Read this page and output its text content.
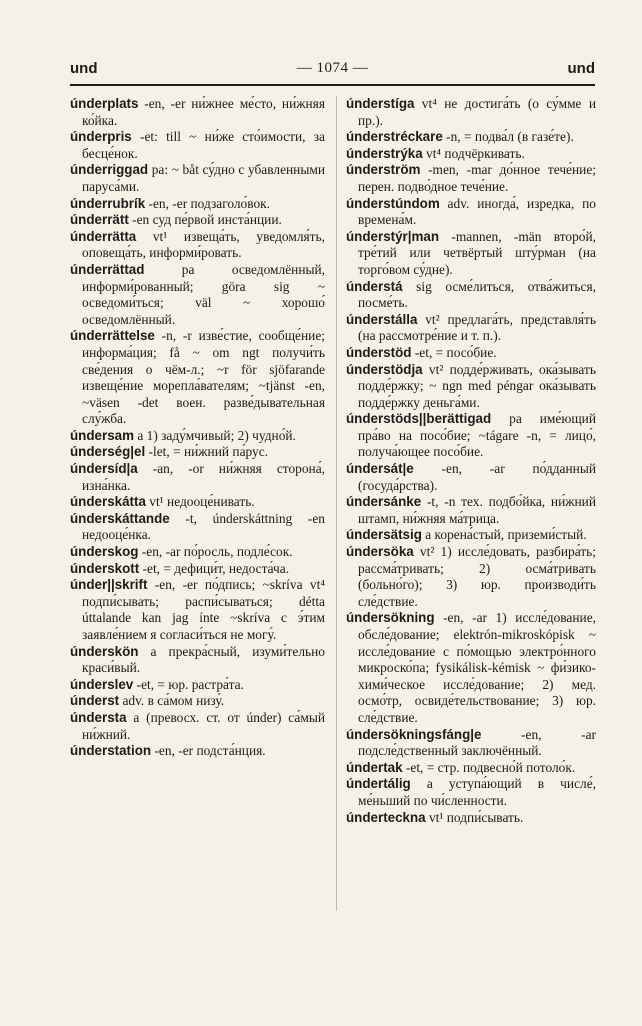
und	— 1074 —	und

únderplats -en, -er ни́жнее ме́сто, ни́жняя ко́йка.

únderpris -et: till ~ ни́же сто́имости, за бесце́нок.

únderriggad pa: ~ båt су́дно с убавленными паруса́ми.

únderrubrík -en, -er подзаголо́вок.

únderrätt -en суд пе́рвой инста́нции.

únderrätta vt¹ извеща́ть, уведомля́ть, оповеща́ть, информи́ровать.

únderrättad pa осведомлённый, информи́рованный; göra sig ~ осведоми́ться; väl ~ хорошо́ осведомлённый.

únderrättelse -n, -r изве́стие, сообще́ние; информа́ция; få ~ om ngt получи́ть све́дения о чём-л.; ~r för sjöfarande извеще́ние морепла́вателям; ~tjänst -en, ~väsen -det воен. разве́дывательная слу́жба.

úndersam a 1) заду́мчивый; 2) чудно́й.

únderség|el -let, = ни́жний па́рус.

úndersíd|a -an, -or ни́жняя сторона́, изна́нка.

únderskátta vt¹ недооце́нивать.

únderskáttande -t, únderskáttning -en недооце́нка.

únderskog -en, -ar по́росль, подле́сок.

únderskott -et, = дефици́т, недоста́ча.

únder||skrift -en, -er по́дпись; ~skríva vt⁴ подпи́сывать; распи́сываться; détta úttalande kan jag ínte ~skríva с э́тим заявле́нием я согласи́ться не могу́.

únderskön a прекра́сный, изуми́тельно краси́вый.

únderslev -et, = юр. растра́та.

únderst adv. в са́мом низу́.

úndersta a (превосх. ст. от únder) са́мый ни́жний.

únderstation -en, -er подста́нция.

únderstíga vt⁴ не достига́ть (о су́мме и пр.).

únderstréckare -n, = подва́л (в газе́те).

únderstrýka vt⁴ подчёркивать.

únderström -men, -mar до́нное тече́ние; перен. подво́дное тече́ние.

únderstúndom adv. иногда́, изредка, по времена́м.

únderstýr|man -mannen, -män второ́й, тре́тий или четвёртый шту́рман (на торго́вом су́дне).

únderstá sig осме́литься, отва́житься, посме́ть.

únderstálla vt² предлага́ть, представля́ть (на рассмотре́ние и т. п.).

únderstöd -et, = посо́бие.

únderstödja vt² подде́рживать, ока́зывать подде́ржку; ~ ngn med péngar ока́зывать подде́ржку деньга́ми.

únderstöds||berättigad pa име́ющий пра́во на посо́бие; ~tágare -n, = лицо́, получа́ющее посо́бие.

úndersát|e -en, -ar по́дданный (госуда́рства).

úndersánke -t, -n тех. подбо́йка, ни́жний штамп, ни́жняя ма́трица.

úndersätsig a корена́стый, приземи́стый.

úndersöka vt² 1) иссле́довать, разбира́ть; рассма́тривать; 2) осма́тривать (больно́го); 3) юр. производи́ть сле́дствие.

úndersökning -en, -ar 1) иссле́дование, обсле́дование; elektrón-mikroskópisk ~ иссле́дование с по́мощью электро́нного микроско́па; fysikálisk-kémisk ~ фи́зико-хими́ческое иссле́дование; 2) мед. осмо́тр, освиде́тельствование; 3) юр. сле́дствие.

úndersökningsfáng|e -en, -ar подсле́дственный заключённый.

úndertak -et, = стр. подвесно́й потоло́к.

úndertálig a уступа́ющий в числе́, ме́ньший по чи́сленности.

únderteckna vt¹ подпи́сывать.
